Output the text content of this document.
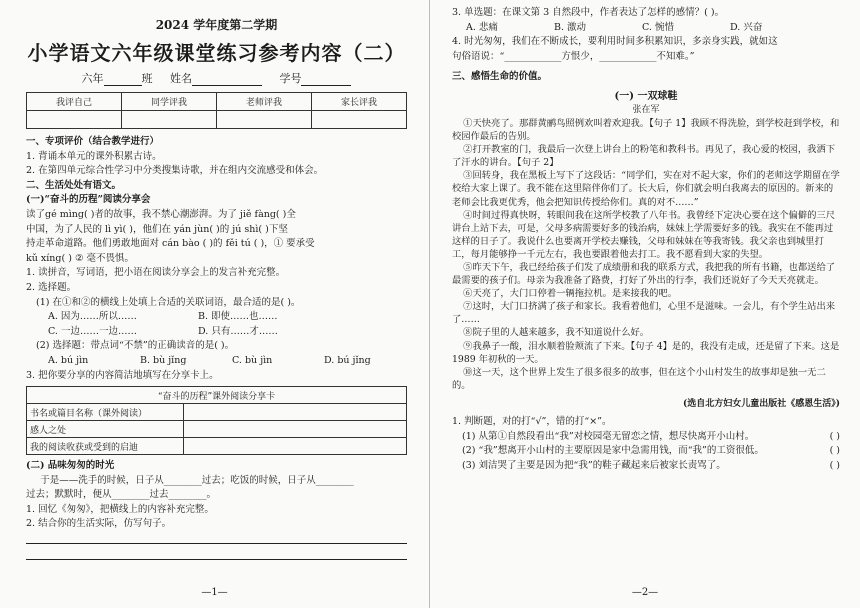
2024 学年度第二学期
小学语文六年级课堂练习参考内容（二）
六年	班 姓名	学号
我评自己	同学评我	老师评我	家长评我

一、专项评价（结合教学进行）
1. 背诵本单元的课外积累古诗。
2. 在第四单元综合性学习中分类搜集诗歌，并在组内交流感受和体会。
二、生活处处有语文。
(一)“奋斗的历程”阅读分享会
读了gé mìng( )者的故事，我不禁心潮澎湃。为了 jiě fàng( )全
中国，为了人民的 lì yì( )，他们在 yán jùn( )的 jú shì( )下坚
持走革命道路。他们勇敢地面对 cán bào ( )的 fěi tú ( )，① 要承受
kǔ xíng( ) ② 毫不畏惧。
1. 读拼音，写词语，把小语在阅读分享会上的发言补充完整。
2. 选择题。
(1) 在①和②的横线上处填上合适的关联词语，最合适的是( )。
A. 因为……所以……	B. 即使……也……
C. 一边……一边……	D. 只有……才……
(2) 选择题：带点词“不禁”的正确读音的是( )。
A. bú jìn	B. bù jǐng	C. bù jìn	D. bú jǐng
3. 把你要分享的内容简洁地填写在分享卡上。
“奋斗的历程”课外阅读分享卡	
书名或篇目名称（课外阅读）	
感人之处	
我的阅读收获或受到的启迪	
(二) 品味匆匆的时光
于是——洗手的时候，日子从________过去；吃饭的时候，日子从________
过去；默默时，便从________过去________。
1. 回忆《匆匆》，把横线上的内容补充完整。
2. 结合你的生活实际，仿写句子。
—1—
3. 单选题：在课文第 3 自然段中，作者表达了怎样的感情？( )。
A. 悲痛	B. 激动	C. 惋惜	D. 兴奋
4. 时光匆匆，我们在不断成长，要利用时间多积累知识，多亲身实践，就如这
句俗语说：“____________方恨少，____________不知难。”
三、感悟生命的价值。
(一) 一双球鞋
张在军

①天快亮了。那群黄鹂鸟照例欢叫着欢迎我。【句子 1】我顾不得洗脸，到学校赶到学校，和校园作最后的告别。

②打开教室的门，我最后一次登上讲台上的粉笔和教科书。再见了，我心爱的校园，我洒下了汗水的讲台。【句子 2】

③回转身，我在黑板上写下了这段话：“同学们，实在对不起大家，你们的老师这学期留在学校给大家上课了。我不能在这里陪伴你们了。长大后，你们就会明白我离去的原因的。新来的老师会比我更优秀，他会把知识传授给你们。真的对不……”

④时间过得真快呀，转眼间我在这所学校教了八年书。我曾经下定决心要在这个偏僻的三尺讲台上站下去，可是，父母多病需要好多的钱治病，妹妹上学需要好多的钱。我实在不能再过这样的日子了。我说什么也要离开学校去赚钱，父母和妹妹在等我寄钱。我父亲也到城里打工，每月能够挣一千元左右，我也要跟着他去打工。我不愿看到大家的失望。

⑤昨天下午，我已经给孩子们发了成绩册和我的联系方式，我把我的所有书籍，也都送给了最需要的孩子们。母亲为我准备了路费，打好了外出的行李，我们还说好了今天天亮就走。

⑥天亮了，大门口停着一辆拖拉机。是来接我的吧。

⑦这时，大门口挤满了孩子和家长。我看着他们，心里不是滋味。一会儿，有个学生站出来了……

⑧院子里的人越来越多，我不知道说什么好。

⑨我鼻子一酸，泪水顺着脸颊流了下来。【句子 4】是的，我没有走成，还是留了下来。这是 1989 年初秋的一天。

⑩这一天，这个世界上发生了很多很多的故事，但在这个小山村发生的故事却是独一无二的。

(选自北方妇女儿童出版社《感恩生活》)
1. 判断题，对的打“√”，错的打“×”。
(1) 从第①自然段看出“我”对校园毫无留恋之情，想尽快离开小山村。	( )
(2) “我”想离开小山村的主要原因是家中急需用钱，而“我”的工资很低。	( )
(3) 刘洁哭了主要是因为把“我”的鞋子藏起来后被家长责骂了。	( )
—2—
